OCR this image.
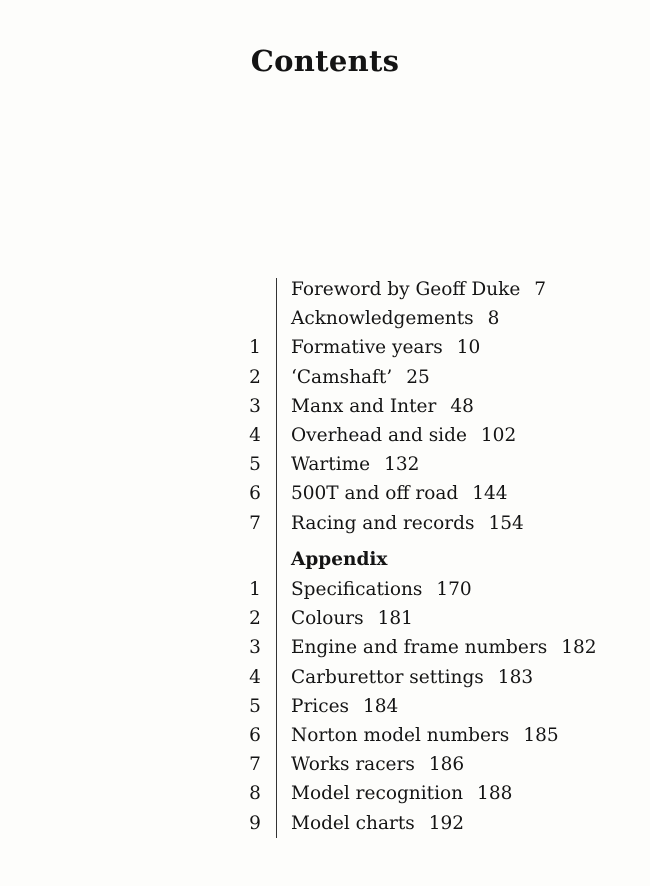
Contents
Foreword by Geoff Duke 7
Acknowledgements 8
1	Formative years 10
2	‘Camshaft’ 25
3	Manx and Inter 48
4	Overhead and side 102
5	Wartime 132
6	500T and off road 144
7	Racing and records 154
Appendix
1	Specifications 170
2	Colours 181
3	Engine and frame numbers 182
4	Carburettor settings 183
5	Prices 184
6	Norton model numbers 185
7	Works racers 186
8	Model recognition 188
9	Model charts 192
